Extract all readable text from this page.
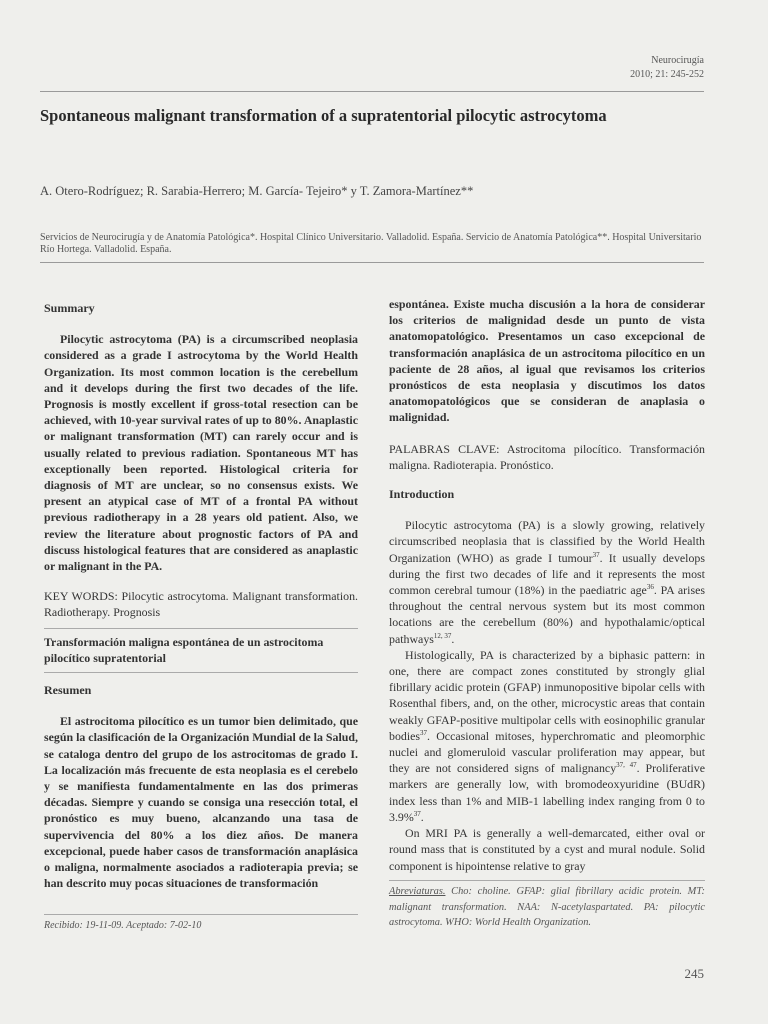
Neurocirugía
2010; 21: 245-252
Spontaneous malignant transformation of a supratentorial pilocytic astrocytoma
A. Otero-Rodríguez; R. Sarabia-Herrero; M. García- Tejeiro* y T. Zamora-Martínez**
Servicios de Neurocirugía y de Anatomía Patológica*. Hospital Clínico Universitario. Valladolid. España. Servicio de Anatomía Patológica**. Hospital Universitario Río Hortega. Valladolid. España.
Summary
Pilocytic astrocytoma (PA) is a circumscribed neoplasia considered as a grade I astrocytoma by the World Health Organization. Its most common location is the cerebellum and it develops during the first two decades of the life. Prognosis is mostly excellent if gross-total resection can be achieved, with 10-year survival rates of up to 80%. Anaplastic or malignant transformation (MT) can rarely occur and is usually related to previous radiation. Spontaneous MT has exceptionally been reported. Histological criteria for diagnosis of MT are unclear, so no consensus exists. We present an atypical case of MT of a frontal PA without previous radiotherapy in a 28 years old patient. Also, we review the literature about prognostic factors of PA and discuss histological features that are considered as anaplastic or malignant in the PA.
KEY WORDS: Pilocytic astrocytoma. Malignant transformation. Radiotherapy. Prognosis
Transformación maligna espontánea de un astrocitoma pilocítico supratentorial
Resumen
El astrocitoma pilocítico es un tumor bien delimitado, que según la clasificación de la Organización Mundial de la Salud, se cataloga dentro del grupo de los astrocitomas de grado I. La localización más frecuente de esta neoplasia es el cerebelo y se manifiesta fundamentalmente en las dos primeras décadas. Siempre y cuando se consiga una resección total, el pronóstico es muy bueno, alcanzando una tasa de supervivencia del 80% a los diez años. De manera excepcional, puede haber casos de transformación anaplásica o maligna, normalmente asociados a radioterapia previa; se han descrito muy pocas situaciones de transformación
Recibido: 19-11-09. Aceptado: 7-02-10
espontánea. Existe mucha discusión a la hora de considerar los criterios de malignidad desde un punto de vista anatomopatológico. Presentamos un caso excepcional de transformación anaplásica de un astrocitoma pilocítico en un paciente de 28 años, al igual que revisamos los criterios pronósticos de esta neoplasia y discutimos los datos anatomopatológicos que se consideran de anaplasia o malignidad.
PALABRAS CLAVE: Astrocitoma pilocítico. Transformación maligna. Radioterapia. Pronóstico.
Introduction
Pilocytic astrocytoma (PA) is a slowly growing, relatively circumscribed neoplasia that is classified by the World Health Organization (WHO) as grade I tumour$^{37}$. It usually develops during the first two decades of life and it represents the most common cerebral tumour (18%) in the paediatric age$^{36}$. PA arises throughout the central nervous system but its most common locations are the cerebellum (80%) and hypothalamic/optical pathways$^{12, 37}$.
Histologically, PA is characterized by a biphasic pattern: in one, there are compact zones constituted by strongly glial fibrillary acidic protein (GFAP) inmunopositive bipolar cells with Rosenthal fibers, and, on the other, microcystic areas that contain weakly GFAP-positive multipolar cells with eosinophilic granular bodies$^{37}$. Occasional mitoses, hyperchromatic and pleomorphic nuclei and glomeruloid vascular proliferation may appear, but they are not considered signs of malignancy$^{37, 47}$. Proliferative markers are generally low, with bromodeoxyuridine (BUdR) index less than 1% and MIB-1 labelling index ranging from 0 to 3.9%$^{37}$.
On MRI PA is generally a well-demarcated, either oval or round mass that is constituted by a cyst and mural nodule. Solid component is hipointense relative to gray
Abreviaturas. Cho: choline. GFAP: glial fibrillary acidic protein. MT: malignant transformation. NAA: N-acetylaspartated. PA: pilocytic astrocytoma. WHO: World Health Organization.
245
